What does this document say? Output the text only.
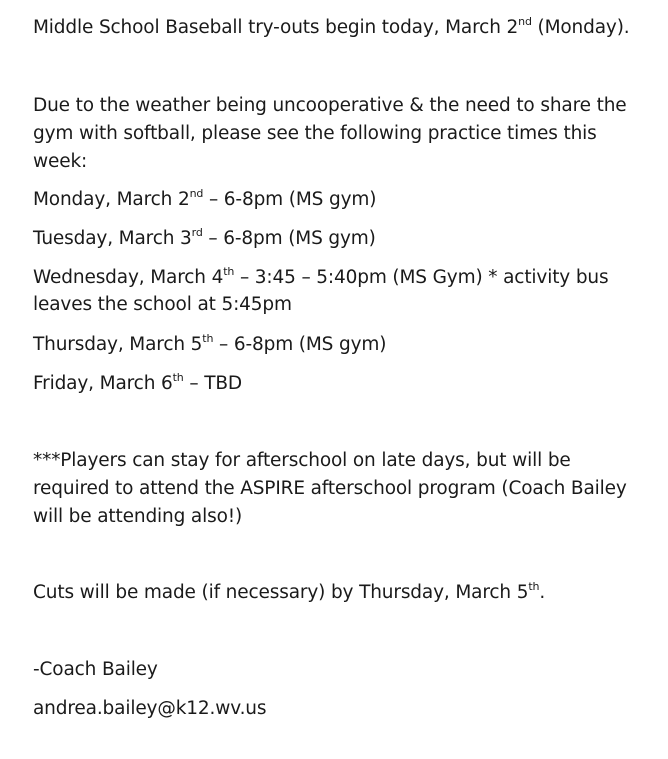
Middle School Baseball try-outs begin today, March 2nd (Monday).
Due to the weather being uncooperative & the need to share the
gym with softball, please see the following practice times this
week:
Monday, March 2nd – 6-8pm (MS gym)
Tuesday, March 3rd – 6-8pm (MS gym)
Wednesday, March 4th – 3:45 – 5:40pm (MS Gym) * activity bus
leaves the school at 5:45pm
Thursday, March 5th – 6-8pm (MS gym)
Friday, March 6th – TBD
***Players can stay for afterschool on late days, but will be
required to attend the ASPIRE afterschool program (Coach Bailey
will be attending also!)
Cuts will be made (if necessary) by Thursday, March 5th.
-Coach Bailey
andrea.bailey@k12.wv.us
